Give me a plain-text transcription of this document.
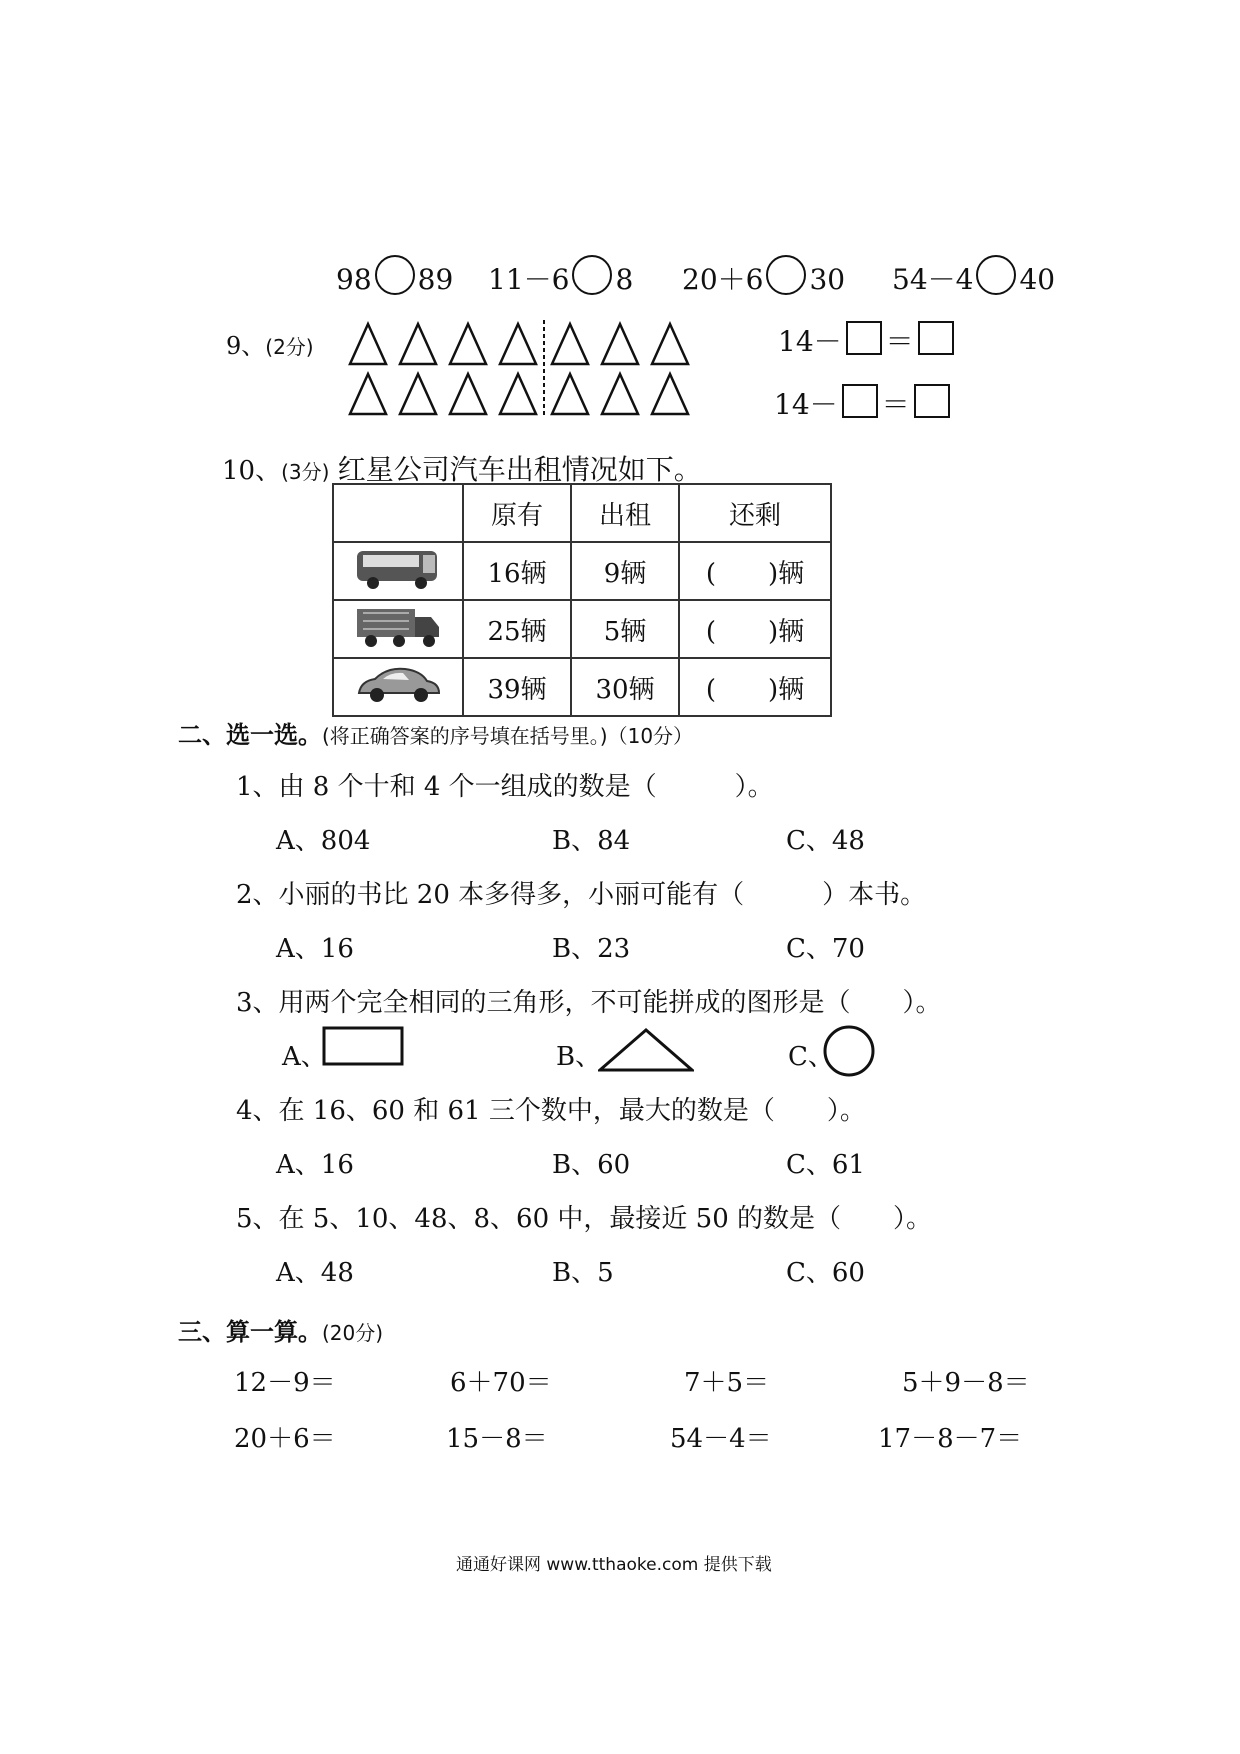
98 89 11－6 8 20＋6 30 54－4 40
9、(2分)	14－ ＝
14－ ＝
10、(3分) 红星公司汽车出租情况如下。
	原有	出租	还剩
	16辆	9辆	(　　)辆
	25辆	5辆	(　　)辆
	39辆	30辆	(　　)辆
二、选一选。(将正确答案的序号填在括号里。)（10分）
1、由 8 个十和 4 个一组成的数是（　　　）。
A、804	B、84	C、48
2、小丽的书比 20 本多得多，小丽可能有（　　　）本书。
A、16	B、23	C、70
3、用两个完全相同的三角形，不可能拼成的图形是（　　）。
A、	B、	C、
4、在 16、60 和 61 三个数中，最大的数是（　　）。
A、16	B、60	C、61
5、在 5、10、48、8、60 中，最接近 50 的数是（　　）。
A、48	B、5	C、60
三、算一算。(20分)
12－9＝	6＋70＝	7＋5＝	5＋9－8＝
20＋6＝	15－8＝	54－4＝	17－8－7＝
通通好课网 www.tthaoke.com 提供下载
